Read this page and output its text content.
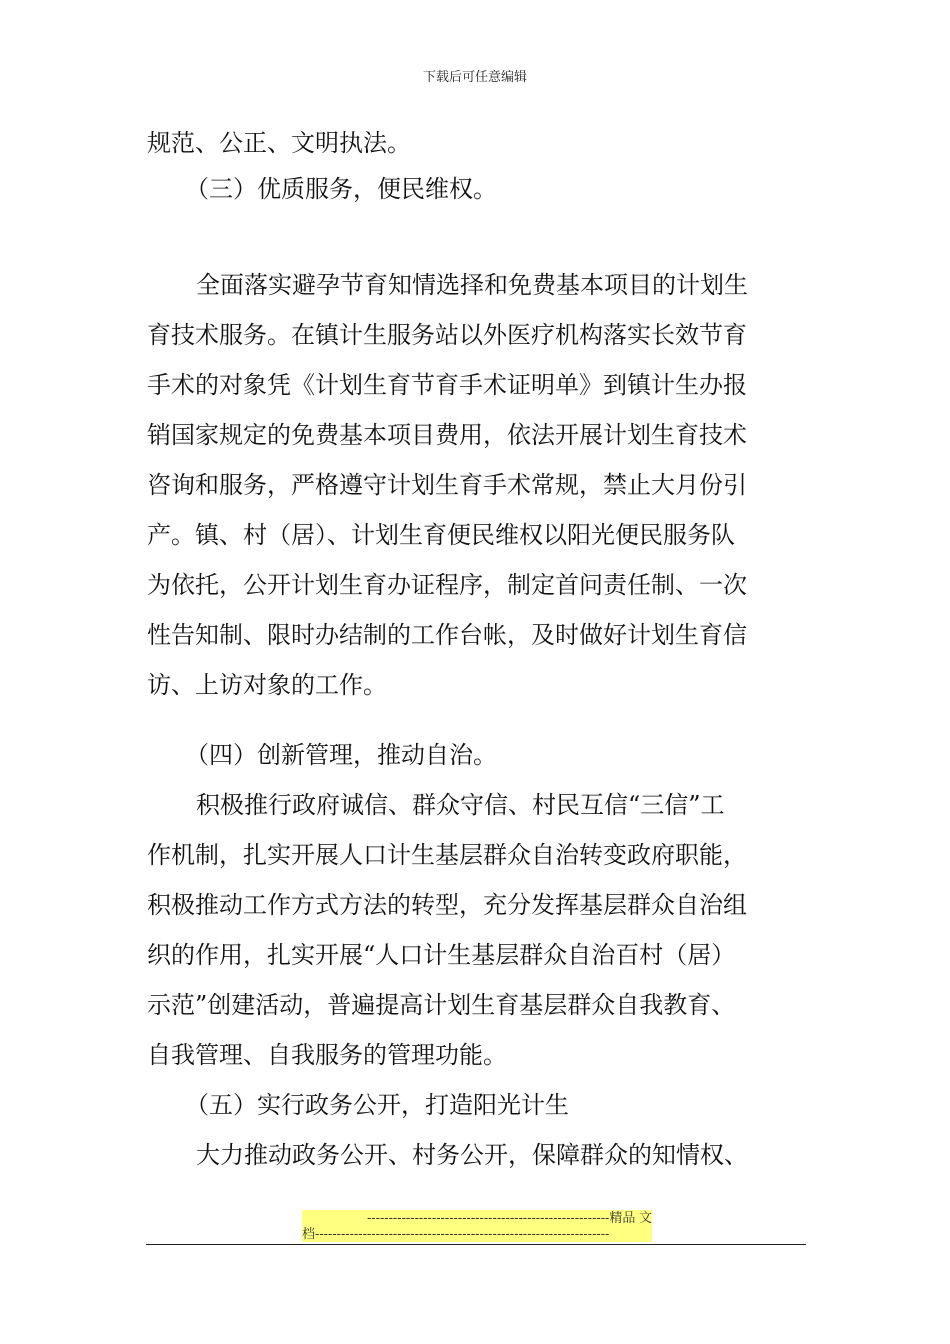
下载后可任意编辑
规范、公正、文明执法。
（三）优质服务，便民维权。
全面落实避孕节育知情选择和免费基本项目的计划生
育技术服务。在镇计生服务站以外医疗机构落实长效节育
手术的对象凭《计划生育节育手术证明单》到镇计生办报
销国家规定的免费基本项目费用，依法开展计划生育技术
咨询和服务，严格遵守计划生育手术常规，禁止大月份引
产。镇、村（居）、计划生育便民维权以阳光便民服务队
为依托，公开计划生育办证程序，制定首问责任制、一次
性告知制、限时办结制的工作台帐，及时做好计划生育信
访、上访对象的工作。
（四）创新管理，推动自治。
积极推行政府诚信、群众守信、村民互信“三信”工
作机制，扎实开展人口计生基层群众自治转变政府职能，
积极推动工作方式方法的转型，充分发挥基层群众自治组
织的作用，扎实开展“人口计生基层群众自治百村（居）
示范”创建活动，普遍提高计划生育基层群众自我教育、
自我管理、自我服务的管理功能。
（五）实行政务公开，打造阳光计生
大力推动政务公开、村务公开，保障群众的知情权、
--------------------------------------------------------精品 文
档--------------------------------------------------------------------
